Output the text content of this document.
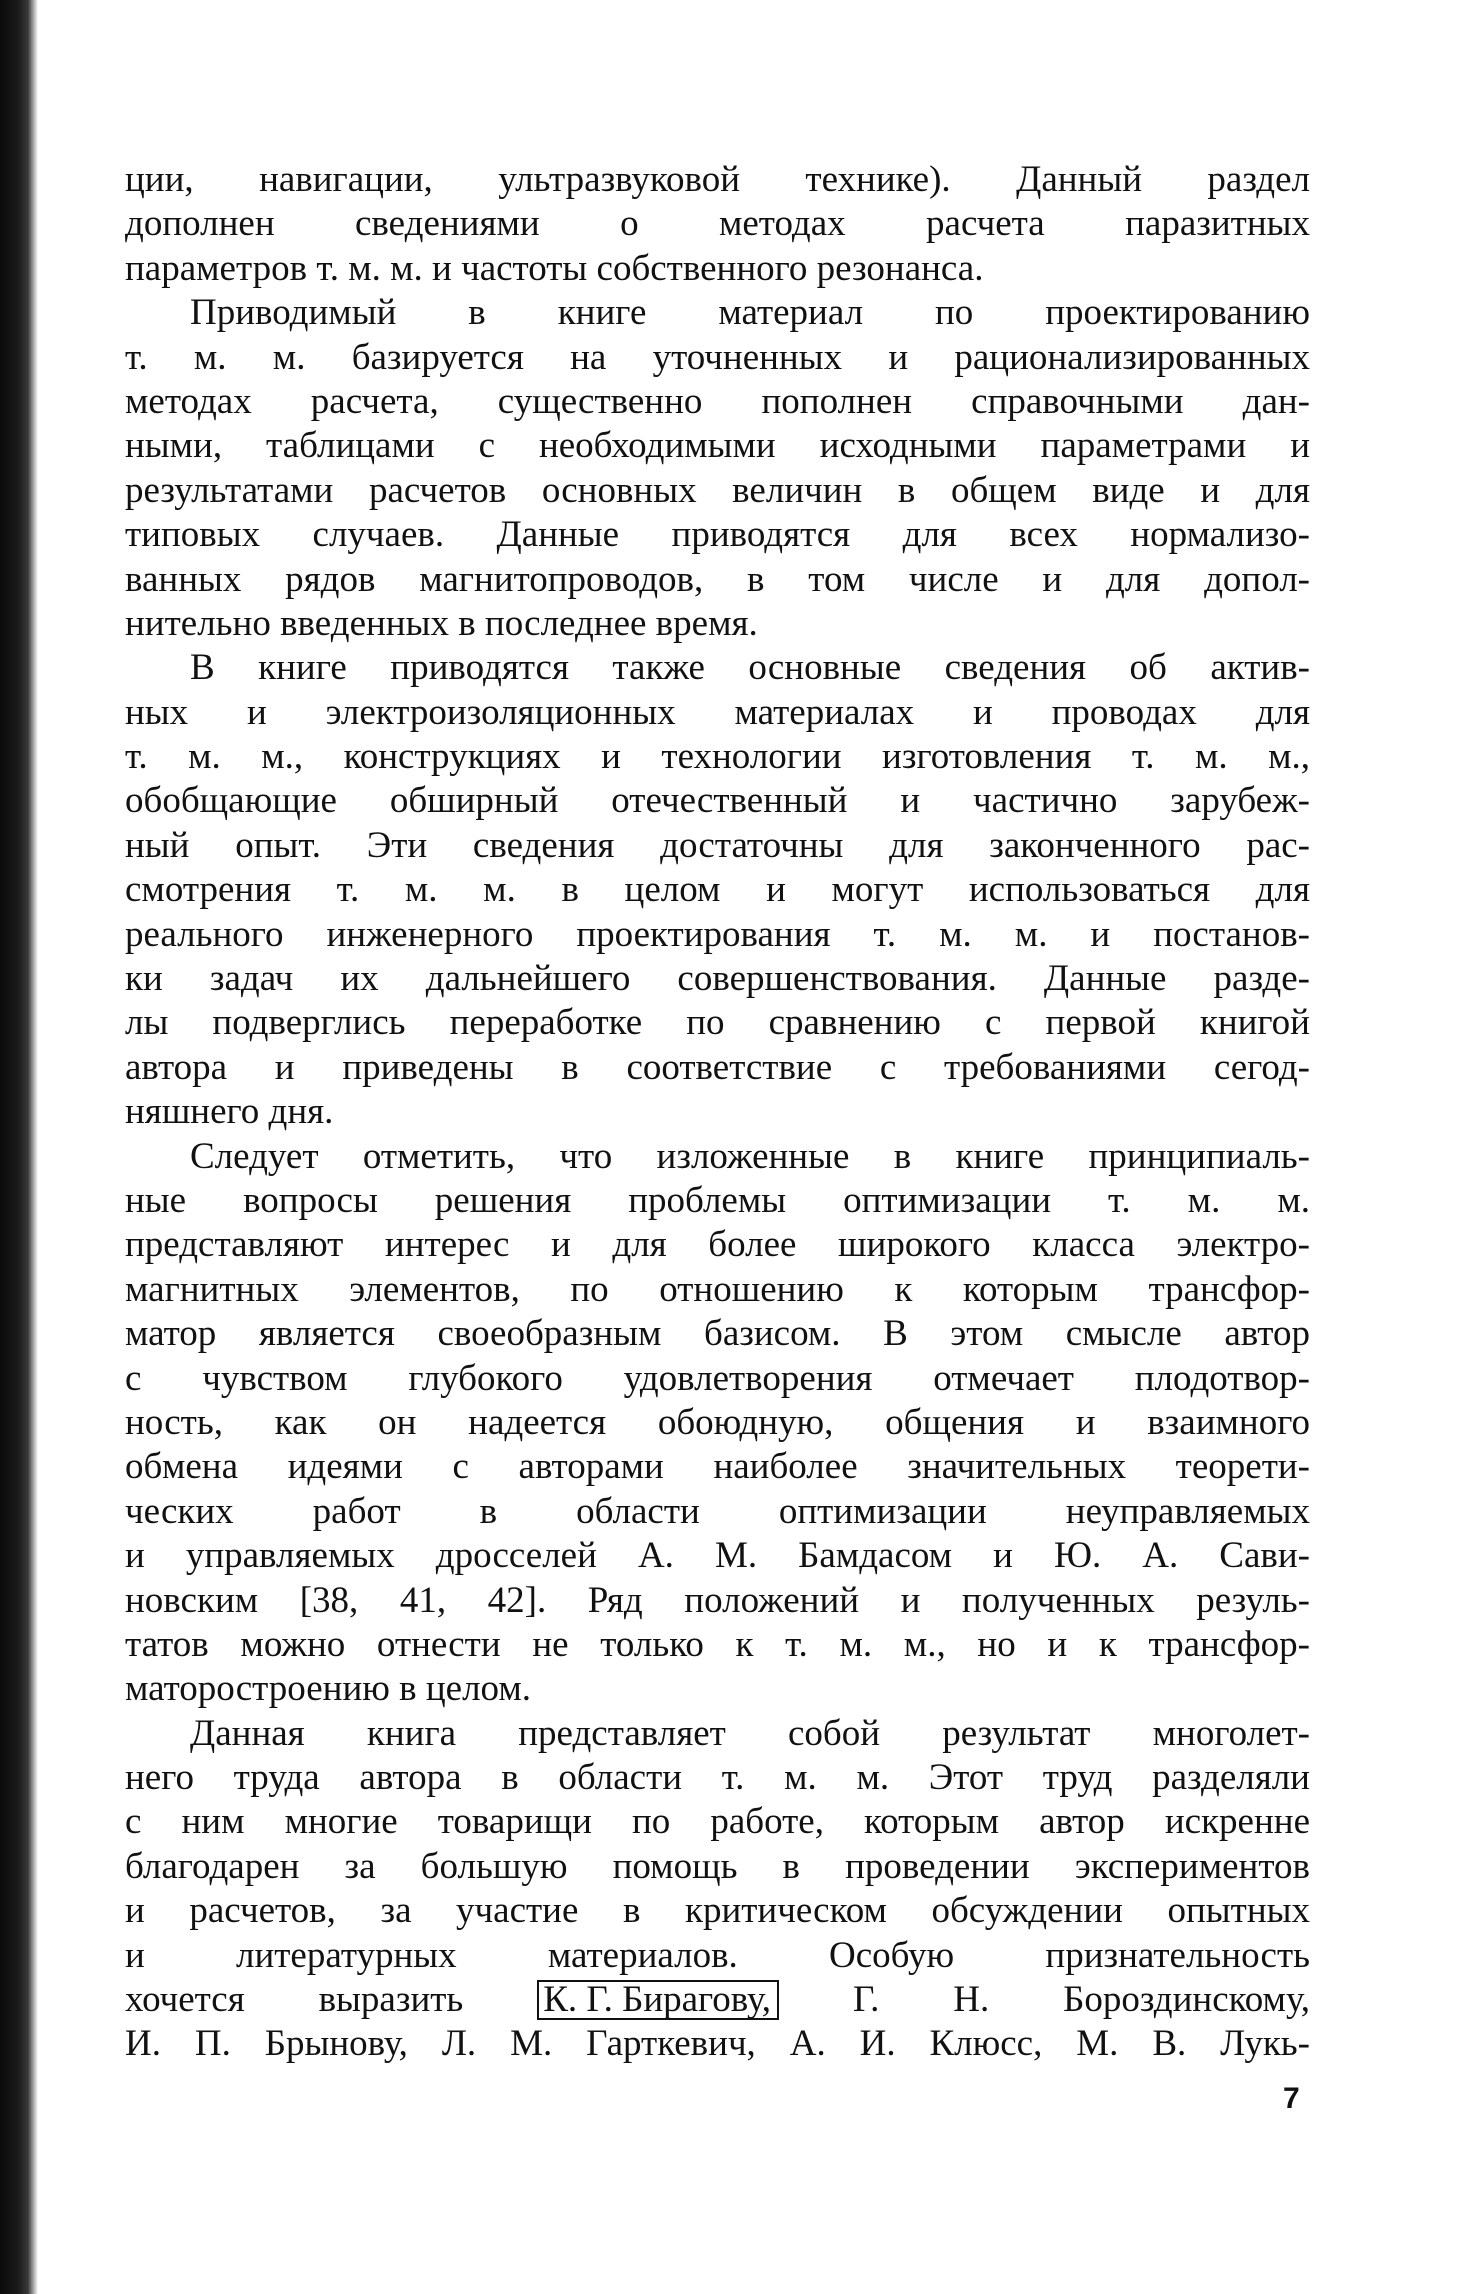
ции, навигации, ультразвуковой технике). Данный раздел
дополнен сведениями о методах расчета паразитных
параметров т. м. м. и частоты собственного резонанса.
Приводимый в книге материал по проектированию
т. м. м. базируется на уточненных и рационализированных
методах расчета, существенно пополнен справочными дан-
ными, таблицами с необходимыми исходными параметрами и
результатами расчетов основных величин в общем виде и для
типовых случаев. Данные приводятся для всех нормализо-
ванных рядов магнитопроводов, в том числе и для допол-
нительно введенных в последнее время.
В книге приводятся также основные сведения об актив-
ных и электроизоляционных материалах и проводах для
т. м. м., конструкциях и технологии изготовления т. м. м.,
обобщающие обширный отечественный и частично зарубеж-
ный опыт. Эти сведения достаточны для законченного рас-
смотрения т. м. м. в целом и могут использоваться для
реального инженерного проектирования т. м. м. и постанов-
ки задач их дальнейшего совершенствования. Данные разде-
лы подверглись переработке по сравнению с первой книгой
автора и приведены в соответствие с требованиями сегод-
няшнего дня.
Следует отметить, что изложенные в книге принципиаль-
ные вопросы решения проблемы оптимизации т. м. м.
представляют интерес и для более широкого класса электро-
магнитных элементов, по отношению к которым трансфор-
матор является своеобразным базисом. В этом смысле автор
с чувством глубокого удовлетворения отмечает плодотвор-
ность, как он надеется обоюдную, общения и взаимного
обмена идеями с авторами наиболее значительных теорети-
ческих работ в области оптимизации неуправляемых
и управляемых дросселей А. М. Бамдасом и Ю. А. Сави-
новским [38, 41, 42]. Ряд положений и полученных резуль-
татов можно отнести не только к т. м. м., но и к трансфор-
маторостроению в целом.
Данная книга представляет собой результат многолет-
него труда автора в области т. м. м. Этот труд разделяли
с ним многие товарищи по работе, которым автор искренне
благодарен за большую помощь в проведении экспериментов
и расчетов, за участие в критическом обсуждении опытных
и литературных материалов. Особую признательность
хочется выразить К. Г. Бирагову, Г. Н. Бороздинскому,
И. П. Брынову, Л. М. Гарткевич, А. И. Клюсс, М. В. Лукь-
7
